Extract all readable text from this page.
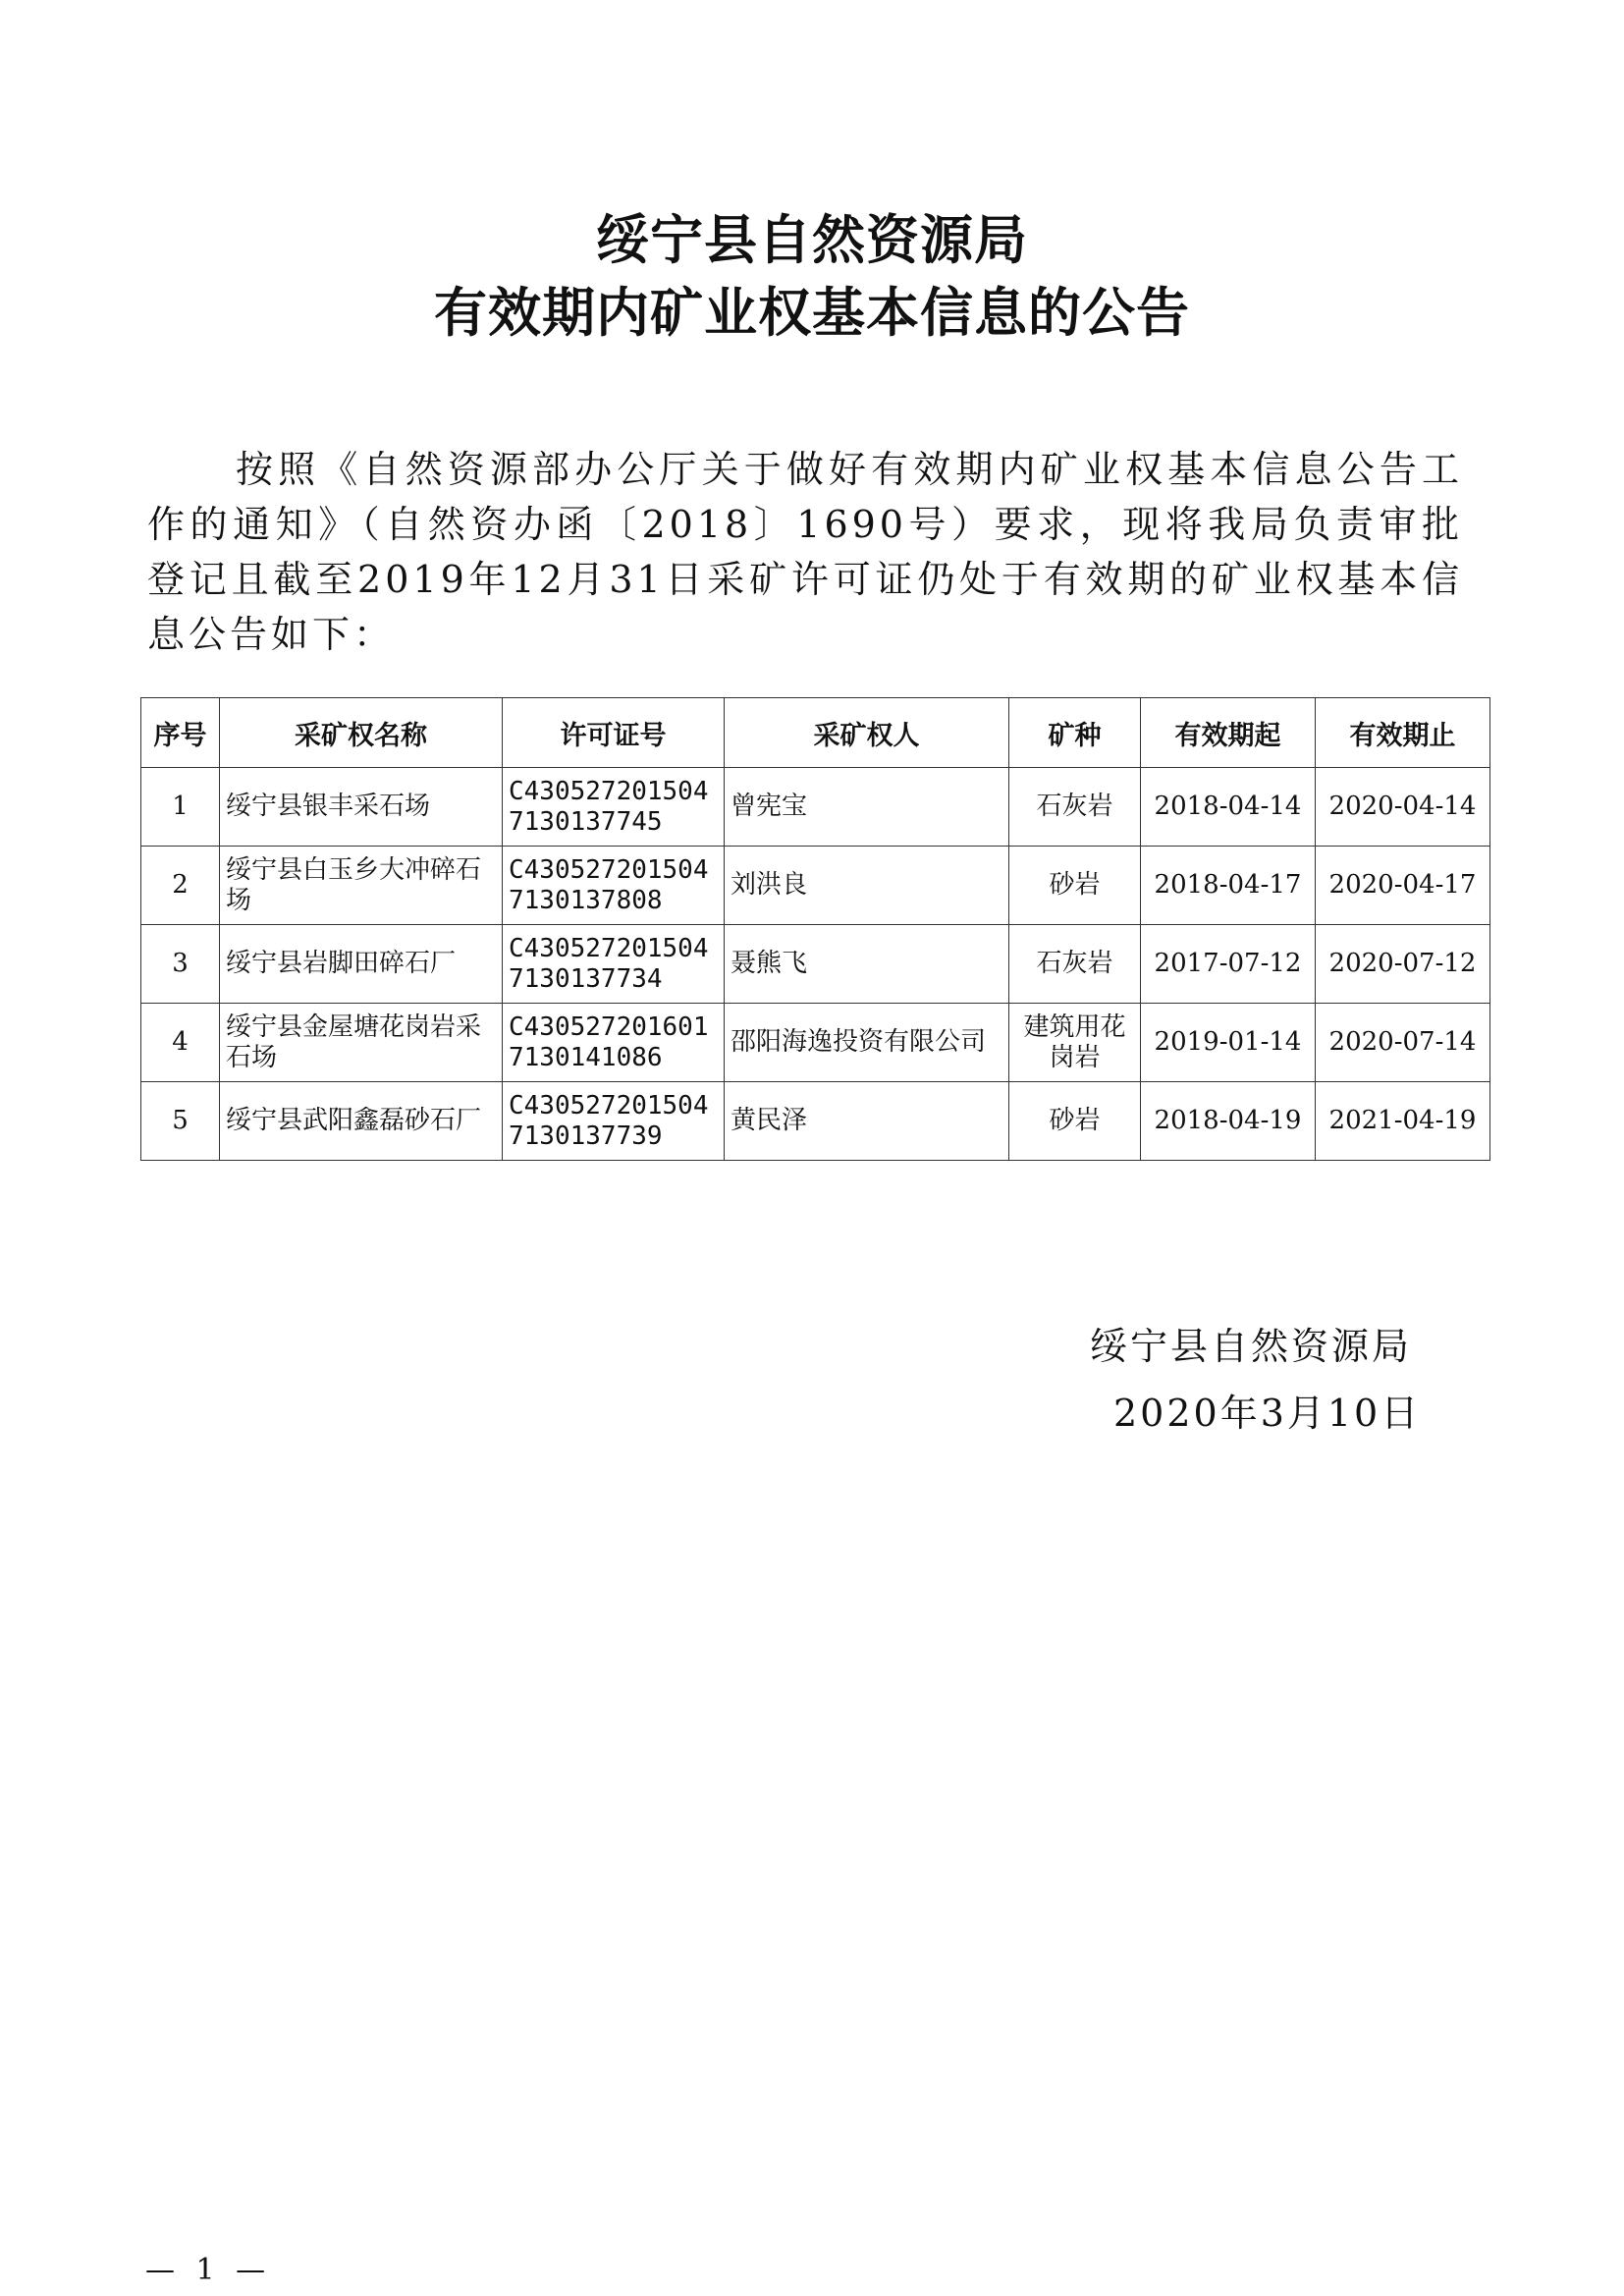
绥宁县自然资源局
有效期内矿业权基本信息的公告

按照《自然资源部办公厅关于做好有效期内矿业权基本信息公告工作的通知》（自然资办函〔2018〕1690号）要求，现将我局负责审批登记且截至2019年12月31日采矿许可证仍处于有效期的矿业权基本信息公告如下：

序号	采矿权名称	许可证号	采矿权人	矿种	有效期起	有效期止
1	绥宁县银丰采石场	C4305272015047130137745	曾宪宝	石灰岩	2018-04-14	2020-04-14
2	绥宁县白玉乡大冲碎石场	C4305272015047130137808	刘洪良	砂岩	2018-04-17	2020-04-17
3	绥宁县岩脚田碎石厂	C4305272015047130137734	聂熊飞	石灰岩	2017-07-12	2020-07-12
4	绥宁县金屋塘花岗岩采石场	C4305272016017130141086	邵阳海逸投资有限公司	建筑用花岗岩	2019-01-14	2020-07-14
5	绥宁县武阳鑫磊砂石厂	C4305272015047130137739	黄民泽	砂岩	2018-04-19	2021-04-19
绥宁县自然资源局
2020年3月10日
— 1 —
